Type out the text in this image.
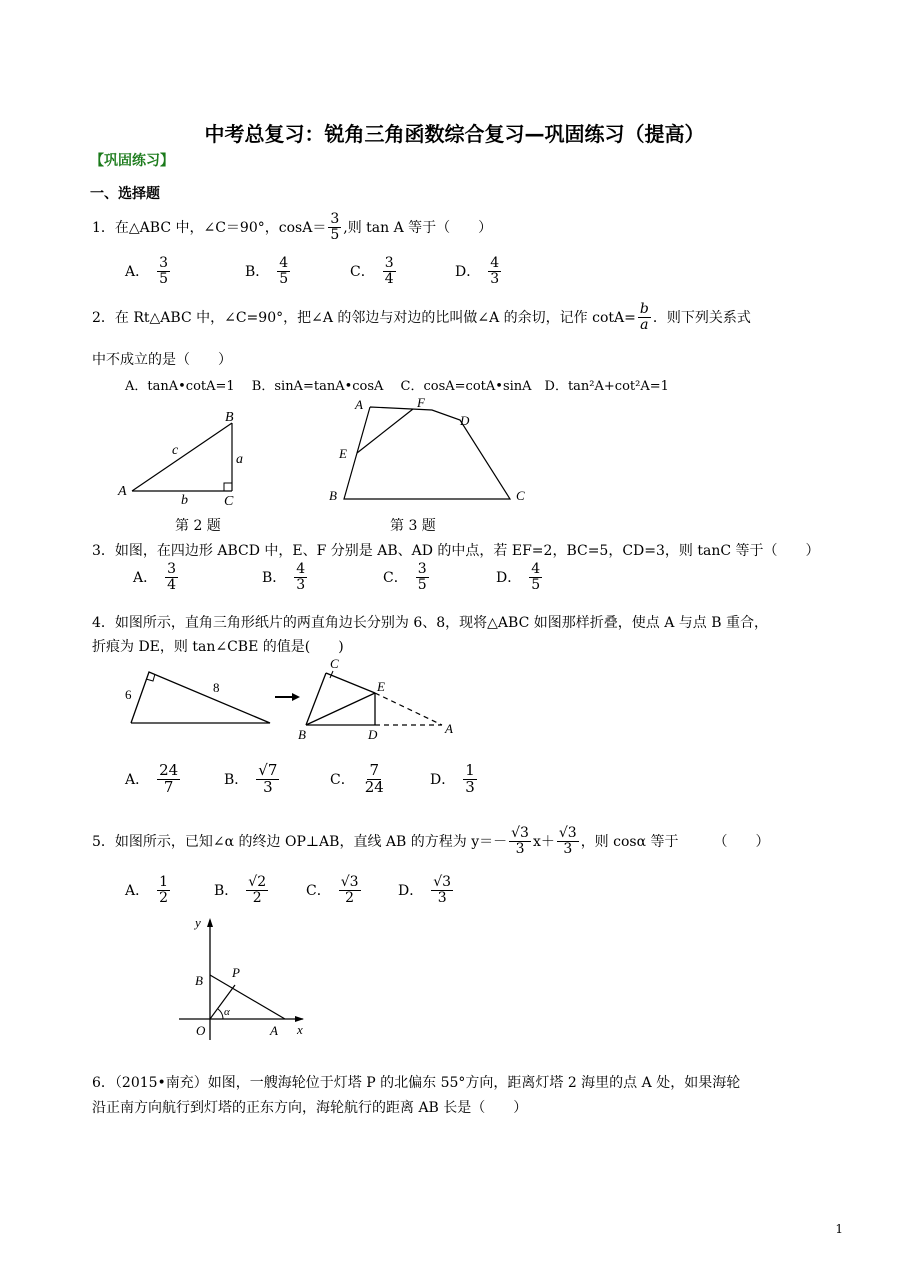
中考总复习：锐角三角函数综合复习—巩固练习（提高）
【巩固练习】
一、选择题
1．在△ABC 中，∠C＝90°，$\cos A= \frac{3}{5}$ ,则 tan A 等于（　　）
A． $\frac{3}{5}$	B． $\frac{4}{5}$	C． $\frac{3}{4}$	D． $\frac{4}{3}$
2．在 Rt△ABC 中，∠C=90°，把∠A 的邻边与对边的比叫做∠A 的余切，记作 $\cot A= \frac{b}{a}$ ．则下列关系式
中不成立的是（　　）
A．tanA•cotA=1　 B．sinA=tanA•cosA　 C．cosA=cotA•sinA　D．tan²A+cot²A=1
A
B
C
c
a
b
第 2 题
A	F
D
E
B	C
第 3 题
3．如图，在四边形 ABCD 中，E、F 分别是 AB、AD 的中点，若 EF=2，BC=5，CD=3，则 tanC 等于（　　）
A． $\frac{3}{4}$	B． $\frac{4}{3}$	C． $\frac{3}{5}$	D． $\frac{4}{5}$
4．如图所示，直角三角形纸片的两直角边长分别为 6、8，现将△ABC 如图那样折叠，使点 A 与点 B 重合，
折痕为 DE，则 tan∠CBE 的值是(　　)
6	8
C
E
B	D	A
A． $\frac{24}{7}$	B． $\frac{√7}{3}$	C． $\frac{7}{24}$	D． $\frac{1}{3}$
5．如图所示，已知∠α 的终边 OP⊥AB，直线 AB 的方程为 $y=- \frac{√3}{3} x+ \frac{√3}{3}$ ，则 cosα 等于　　　（　　）
A． $\frac{1}{2}$	B． $\frac{√2}{2}$	C． $\frac{√3}{2}$	D． $\frac{√3}{3}$
y
x
B
P
O	A
α
6．（2015•南充）如图，一艘海轮位于灯塔 P 的北偏东 55°方向，距离灯塔 2 海里的点 A 处，如果海轮
沿正南方向航行到灯塔的正东方向，海轮航行的距离 AB 长是（　　）
1
